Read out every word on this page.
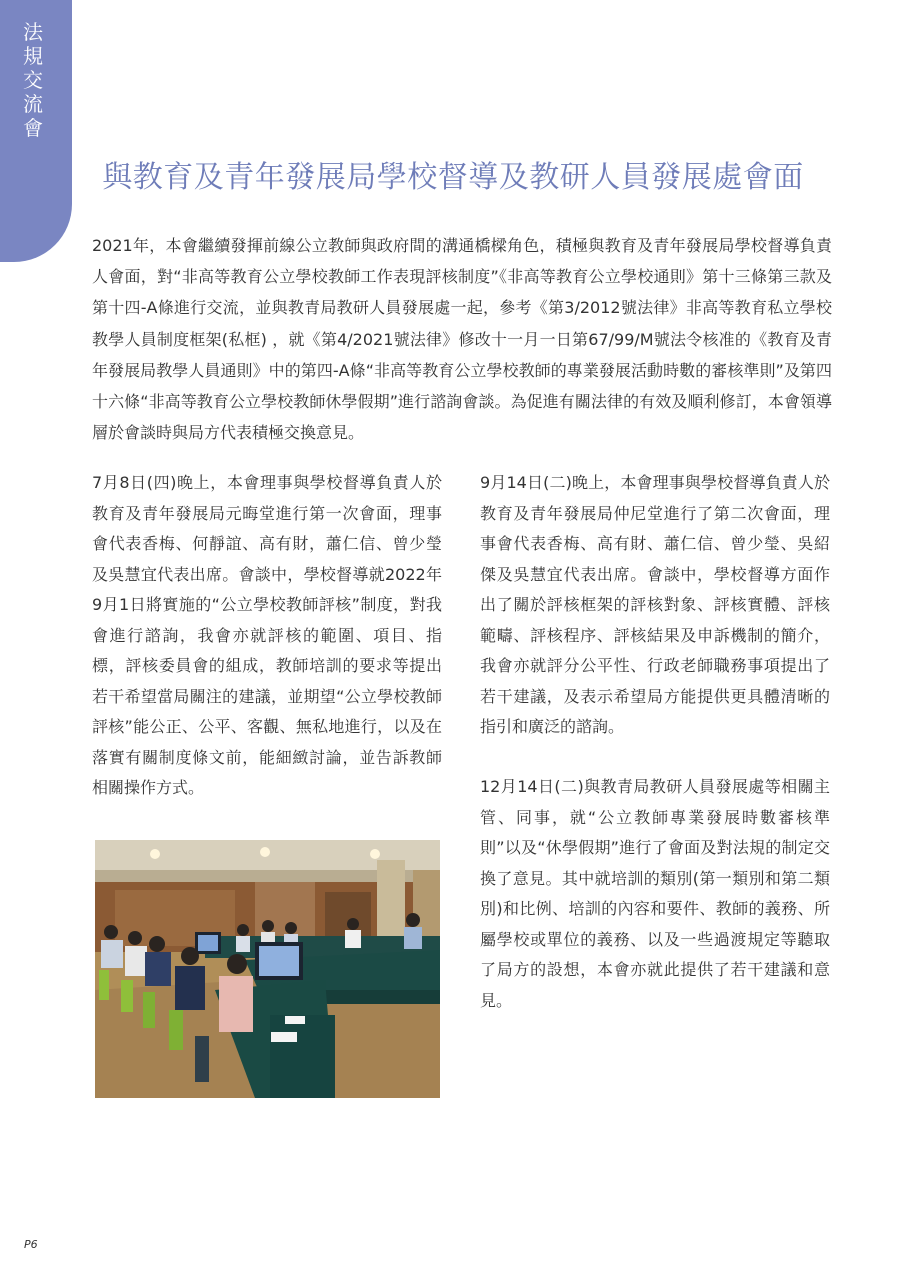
法規交流會
與教育及青年發展局學校督導及教研人員發展處會面

2021年，本會繼續發揮前線公立教師與政府間的溝通橋樑角色，積極與教育及青年發展局學校督導負責人會面，對“非高等教育公立學校教師工作表現評核制度”《非高等教育公立學校通則》第十三條第三款及第十四-A條進行交流，並與教青局教研人員發展處一起，參考《第3/2012號法律》非高等教育私立學校教學人員制度框架(私框) ，就《第4/2021號法律》修改十一月一日第67/99/M號法令核准的《教育及青年發展局教學人員通則》中的第四-A條“非高等教育公立學校教師的專業發展活動時數的審核準則”及第四十六條“非高等教育公立學校教師休學假期”進行諮詢會談。為促進有關法律的有效及順利修訂，本會領導層於會談時與局方代表積極交換意見。

7月8日(四)晚上，本會理事與學校督導負責人於教育及青年發展局元晦堂進行第一次會面，理事會代表香梅、何靜誼、高有財，蕭仁信、曾少瑩及吳慧宜代表出席。會談中，學校督導就2022年9月1日將實施的“公立學校教師評核”制度，對我會進行諮詢，我會亦就評核的範圍、項目、指標，評核委員會的組成，教師培訓的要求等提出若干希望當局關注的建議，並期望“公立學校教師評核”能公正、公平、客觀、無私地進行，以及在落實有關制度條文前，能細緻討論，並告訴教師相關操作方式。

9月14日(二)晚上，本會理事與學校督導負責人於教育及青年發展局仲尼堂進行了第二次會面，理事會代表香梅、高有財、蕭仁信、曾少瑩、吳紹傑及吳慧宜代表出席。會談中，學校督導方面作出了關於評核框架的評核對象、評核實體、評核範疇、評核程序、評核結果及申訴機制的簡介，我會亦就評分公平性、行政老師職務事項提出了若干建議，及表示希望局方能提供更具體清晰的指引和廣泛的諮詢。

12月14日(二)與教青局教研人員發展處等相關主管、同事，就“公立教師專業發展時數審核準則”以及“休學假期”進行了會面及對法規的制定交換了意見。其中就培訓的類別(第一類別和第二類別)和比例、培訓的內容和要件、教師的義務、所屬學校或單位的義務、以及一些過渡規定等聽取了局方的設想，本會亦就此提供了若干建議和意見。

P6
